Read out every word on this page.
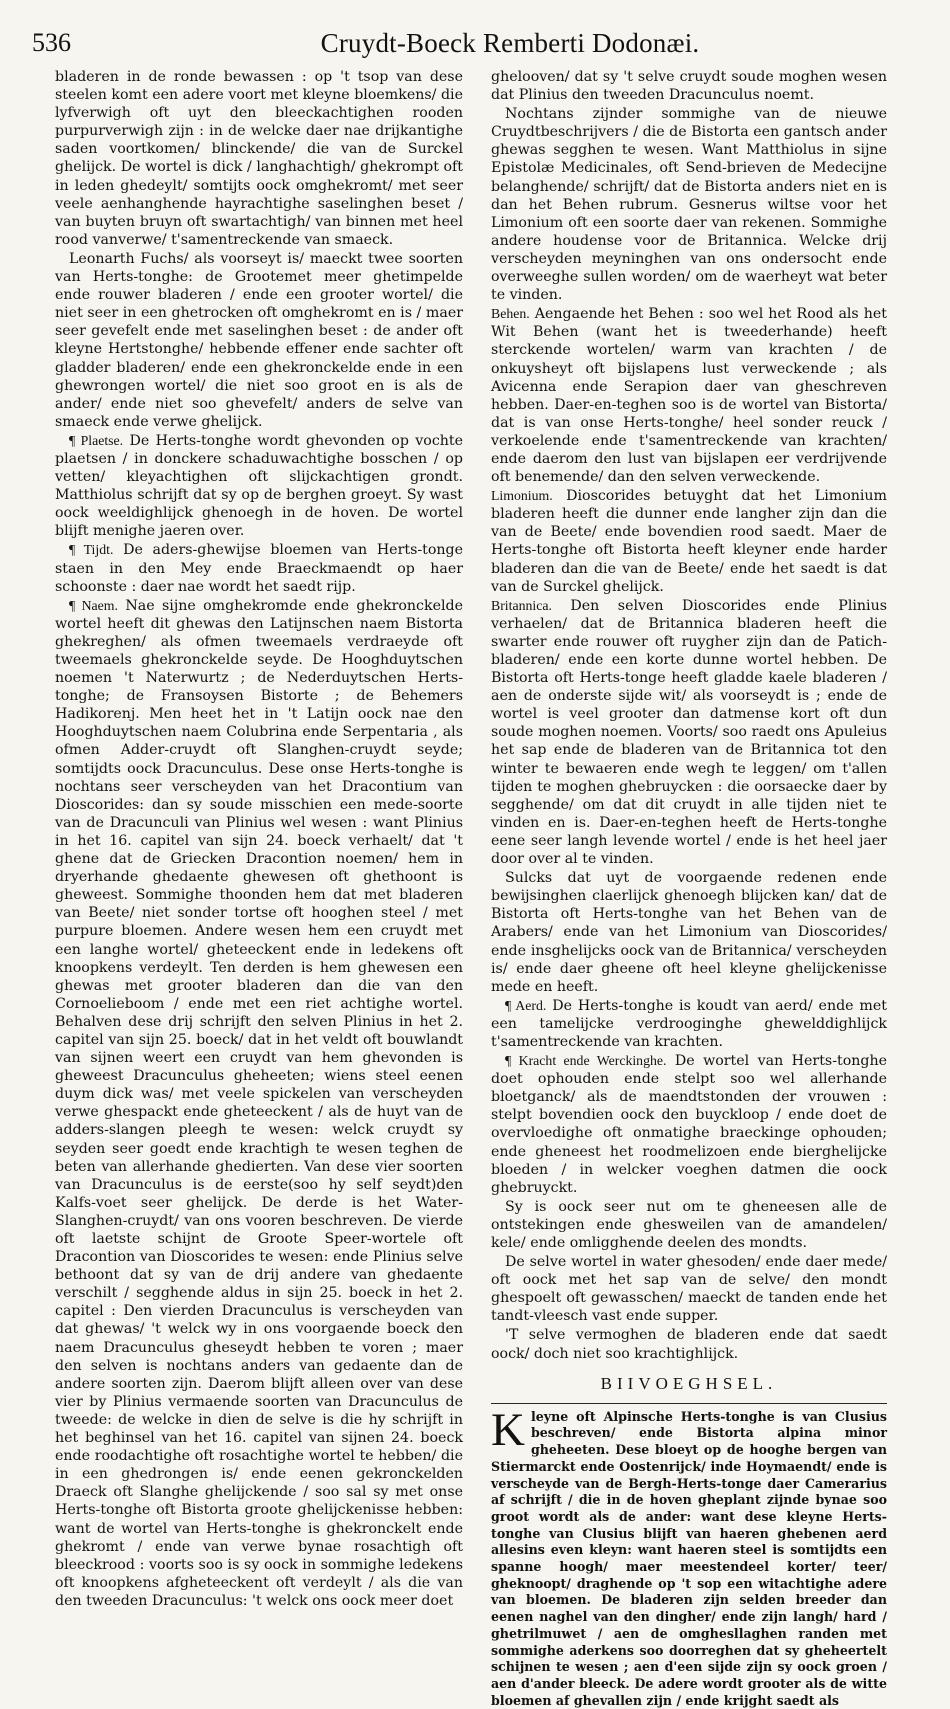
536	Cruydt-Boeck Remberti Dodonæi.

bladeren in de ronde bewassen : op 't tsop van dese steelen komt een adere voort met kleyne bloemkens/ die lyfverwigh oft uyt den bleeckachtighen rooden purpurverwigh zijn : in de welcke daer nae drijkantighe saden voortkomen/ blinckende/ die van de Surckel ghelijck. De wortel is dick / langhachtigh/ ghekrompt oft in leden ghedeylt/ somtijts oock omghekromt/ met seer veele aenhanghende hayrachtighe saselinghen beset / van buyten bruyn oft swartachtigh/ van binnen met heel rood vanverwe/ t'samentreckende van smaeck.

Leonarth Fuchs/ als voorseyt is/ maeckt twee soorten van Herts-tonghe: de Grootemet meer ghetimpelde ende rouwer bladeren / ende een grooter wortel/ die niet seer in een ghetrocken oft omghekromt en is / maer seer gevefelt ende met saselinghen beset : de ander oft kleyne Hertstonghe/ hebbende effener ende sachter oft gladder bladeren/ ende een ghekronckelde ende in een ghewrongen wortel/ die niet soo groot en is als de ander/ ende niet soo ghevefelt/ anders de selve van smaeck ende verwe ghelijck.

¶ Plaetse. De Herts-tonghe wordt ghevonden op vochte plaetsen / in donckere schaduwachtighe bosschen / op vetten/ kleyachtighen oft slijckachtigen grondt. Matthiolus schrijft dat sy op de berghen groeyt. Sy wast oock weeldighlijck ghenoegh in de hoven. De wortel blijft menighe jaeren over.

¶ Tijdt. De aders-ghewijse bloemen van Herts-tonge staen in den Mey ende Braeckmaendt op haer schoonste : daer nae wordt het saedt rijp.

¶ Naem. Nae sijne omghekromde ende ghekronckelde wortel heeft dit ghewas den Latijnschen naem Bistorta ghekreghen/ als ofmen tweemaels verdraeyde oft tweemaels ghekronckelde seyde. De Hooghduytschen noemen 't Naterwurtz ; de Nederduytschen Herts-tonghe; de Fransoysen Bistorte ; de Behemers Hadikorenj. Men heet het in 't Latijn oock nae den Hooghduytschen naem Colubrina ende Serpentaria , als ofmen Adder-cruydt oft Slanghen-cruydt seyde; somtijdts oock Dracunculus. Dese onse Herts-tonghe is nochtans seer verscheyden van het Dracontium van Dioscorides: dan sy soude misschien een mede-soorte van de Dracunculi van Plinius wel wesen : want Plinius in het 16. capitel van sijn 24. boeck verhaelt/ dat 't ghene dat de Griecken Dracontion noemen/ hem in dryerhande ghedaente ghewesen oft ghethoont is gheweest. Sommighe thoonden hem dat met bladeren van Beete/ niet sonder tortse oft hooghen steel / met purpure bloemen. Andere wesen hem een cruydt met een langhe wortel/ gheteeckent ende in ledekens oft knoopkens verdeylt. Ten derden is hem ghewesen een ghewas met grooter bladeren dan die van den Cornoelieboom / ende met een riet achtighe wortel. Behalven dese drij schrijft den selven Plinius in het 2. capitel van sijn 25. boeck/ dat in het veldt oft bouwlandt van sijnen weert een cruydt van hem ghevonden is gheweest Dracunculus gheheeten; wiens steel eenen duym dick was/ met veele spickelen van verscheyden verwe ghespackt ende gheteeckent / als de huyt van de adders-slangen pleegh te wesen: welck cruydt sy seyden seer goedt ende krachtigh te wesen teghen de beten van allerhande ghedierten. Van dese vier soorten van Dracunculus is de eerste(soo hy self seydt)den Kalfs-voet seer ghelijck. De derde is het Water-Slanghen-cruydt/ van ons vooren beschreven. De vierde oft laetste schijnt de Groote Speer-wortele oft Dracontion van Dioscorides te wesen: ende Plinius selve bethoont dat sy van de drij andere van ghedaente verschilt / segghende aldus in sijn 25. boeck in het 2. capitel : Den vierden Dracunculus is verscheyden van dat ghewas/ 't welck wy in ons voorgaende boeck den naem Dracunculus gheseydt hebben te voren ; maer den selven is nochtans anders van gedaente dan de andere soorten zijn. Daerom blijft alleen over van dese vier by Plinius vermaende soorten van Dracunculus de tweede: de welcke in dien de selve is die hy schrijft in het beghinsel van het 16. capitel van sijnen 24. boeck ende roodachtighe oft rosachtighe wortel te hebben/ die in een ghedrongen is/ ende eenen gekronckelden Draeck oft Slanghe ghelijckende / soo sal sy met onse Herts-tonghe oft Bistorta groote ghelijckenisse hebben: want de wortel van Herts-tonghe is ghekronckelt ende ghekromt / ende van verwe bynae rosachtigh oft bleeckrood : voorts soo is sy oock in sommighe ledekens oft knoopkens afgheteeckent oft verdeylt / als die van den tweeden Dracunculus: 't welck ons oock meer doet

ghelooven/ dat sy 't selve cruydt soude moghen wesen dat Plinius den tweeden Dracunculus noemt.

Nochtans zijnder sommighe van de nieuwe Cruydtbeschrijvers / die de Bistorta een gantsch ander ghewas segghen te wesen. Want Matthiolus in sijne Epistolæ Medicinales, oft Send-brieven de Medecijne belanghende/ schrijft/ dat de Bistorta anders niet en is dan het Behen rubrum. Gesnerus wiltse voor het Limonium oft een soorte daer van rekenen. Sommighe andere houdense voor de Britannica. Welcke drij verscheyden meyninghen van ons ondersocht ende overweeghe sullen worden/ om de waerheyt wat beter te vinden.

Behen. Aengaende het Behen : soo wel het Rood als het Wit Behen (want het is tweederhande) heeft sterckende wortelen/ warm van krachten / de onkuysheyt oft bijslapens lust verweckende ; als Avicenna ende Serapion daer van gheschreven hebben. Daer-en-teghen soo is de wortel van Bistorta/ dat is van onse Herts-tonghe/ heel sonder reuck / verkoelende ende t'samentreckende van krachten/ ende daerom den lust van bijslapen eer verdrijvende oft benemende/ dan den selven verweckende.

Limonium. Dioscorides betuyght dat het Limonium bladeren heeft die dunner ende langher zijn dan die van de Beete/ ende bovendien rood saedt. Maer de Herts-tonghe oft Bistorta heeft kleyner ende harder bladeren dan die van de Beete/ ende het saedt is dat van de Surckel ghelijck.

Britannica. Den selven Dioscorides ende Plinius verhaelen/ dat de Britannica bladeren heeft die swarter ende rouwer oft ruygher zijn dan de Patich-bladeren/ ende een korte dunne wortel hebben. De Bistorta oft Herts-tonge heeft gladde kaele bladeren / aen de onderste sijde wit/ als voorseydt is ; ende de wortel is veel grooter dan datmense kort oft dun soude moghen noemen. Voorts/ soo raedt ons Apuleius het sap ende de bladeren van de Britannica tot den winter te bewaeren ende wegh te leggen/ om t'allen tijden te moghen ghebruycken : die oorsaecke daer by segghende/ om dat dit cruydt in alle tijden niet te vinden en is. Daer-en-teghen heeft de Herts-tonghe eene seer langh levende wortel / ende is het heel jaer door over al te vinden.

Sulcks dat uyt de voorgaende redenen ende bewijsinghen claerlijck ghenoegh blijcken kan/ dat de Bistorta oft Herts-tonghe van het Behen van de Arabers/ ende van het Limonium van Dioscorides/ ende insghelijcks oock van de Britannica/ verscheyden is/ ende daer gheene oft heel kleyne ghelijckenisse mede en heeft.

¶ Aerd. De Herts-tonghe is koudt van aerd/ ende met een tamelijcke verdrooginghe ghewelddighlijck t'samentreckende van krachten.

¶ Kracht ende Werckinghe. De wortel van Herts-tonghe doet ophouden ende stelpt soo wel allerhande bloetganck/ als de maendtstonden der vrouwen : stelpt bovendien oock den buyckloop / ende doet de overvloedighe oft onmatighe braeckinge ophouden; ende gheneest het roodmelizoen ende bierghelijcke bloeden / in welcker voeghen datmen die oock ghebruyckt.

Sy is oock seer nut om te gheneesen alle de ontstekingen ende ghesweilen van de amandelen/ kele/ ende omligghende deelen des mondts.

De selve wortel in water ghesoden/ ende daer mede/ oft oock met het sap van de selve/ den mondt ghespoelt oft gewasschen/ maeckt de tanden ende het tandt-vleesch vast ende supper.

'T selve vermoghen de bladeren ende dat saedt oock/ doch niet soo krachtighlijck.

BIIVOEGHSEL.
Kleyne oft Alpinsche Herts-tonghe is van Clusius beschreven/ ende Bistorta alpina minor gheheeten. Dese bloeyt op de hooghe bergen van Stiermarckt ende Oostenrijck/ inde Hoymaendt/ ende is verscheyde van de Bergh-Herts-tonge daer Camerarius af schrijft / die in de hoven gheplant zijnde bynae soo groot wordt als de ander: want dese kleyne Herts-tonghe van Clusius blijft van haeren ghebenen aerd allesins even kleyn: want haeren steel is somtijdts een spanne hoogh/ maer meestendeel korter/ teer/ gheknoopt/ draghende op 't sop een witachtighe adere van bloemen. De bladeren zijn selden breeder dan eenen naghel van den dingher/ ende zijn langh/ hard / ghetrilmuwet / aen de omghesllaghen randen met sommighe aderkens soo doorreghen dat sy gheheertelt schijnen te wesen ; aen d'een sijde zijn sy oock groen / aen d'ander bleeck. De adere wordt grooter als de witte bloemen af ghevallen zijn / ende krijght saedt als
